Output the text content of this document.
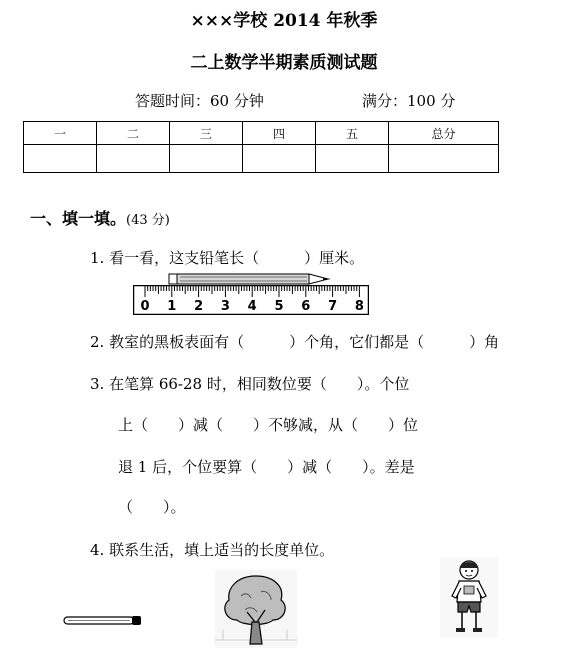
×××学校 2014 年秋季
二上数学半期素质测试题
答题时间：60 分钟	满分：100 分
一	二	三	四	五	总分

一、填一填。(43 分)
1. 看一看，这支铅笔长（　　　）厘米。
0 1 2 3 4 5 6 7 8
2. 教室的黑板表面有（　　　）个角，它们都是（　　　）角
3. 在笔算 66-28 时，相同数位要（　　）。个位
上（　　）减（　　）不够减，从（　　）位
退 1 后，个位要算（　　）减（　　）。差是
（　　）。
4. 联系生活，填上适当的长度单位。
